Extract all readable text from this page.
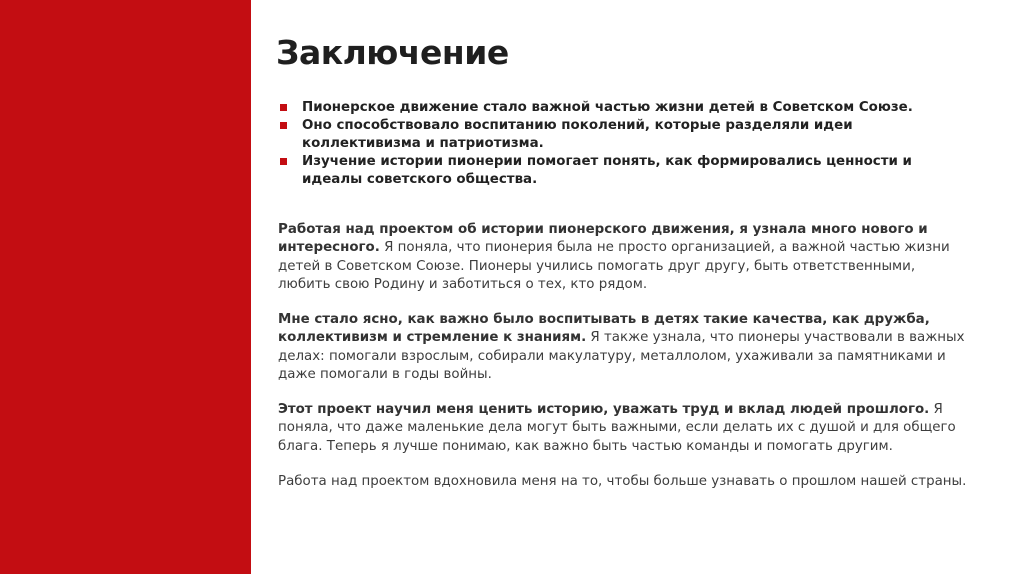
Заключение
Пионерское движение стало важной частью жизни детей в Советском Союзе.
Оно способствовало воспитанию поколений, которые разделяли идеи коллективизма и патриотизма.
Изучение истории пионерии помогает понять, как формировались ценности и идеалы советского общества.

Работая над проектом об истории пионерского движения, я узнала много нового и интересного. Я поняла, что пионерия была не просто организацией, а важной частью жизни детей в Советском Союзе. Пионеры учились помогать друг другу, быть ответственными, любить свою Родину и заботиться о тех, кто рядом.

Мне стало ясно, как важно было воспитывать в детях такие качества, как дружба, коллективизм и стремление к знаниям. Я также узнала, что пионеры участвовали в важных делах: помогали взрослым, собирали макулатуру, металлолом, ухаживали за памятниками и даже помогали в годы войны.

Этот проект научил меня ценить историю, уважать труд и вклад людей прошлого. Я поняла, что даже маленькие дела могут быть важными, если делать их с душой и для общего блага. Теперь я лучше понимаю, как важно быть частью команды и помогать другим.

Работа над проектом вдохновила меня на то, чтобы больше узнавать о прошлом нашей страны.
